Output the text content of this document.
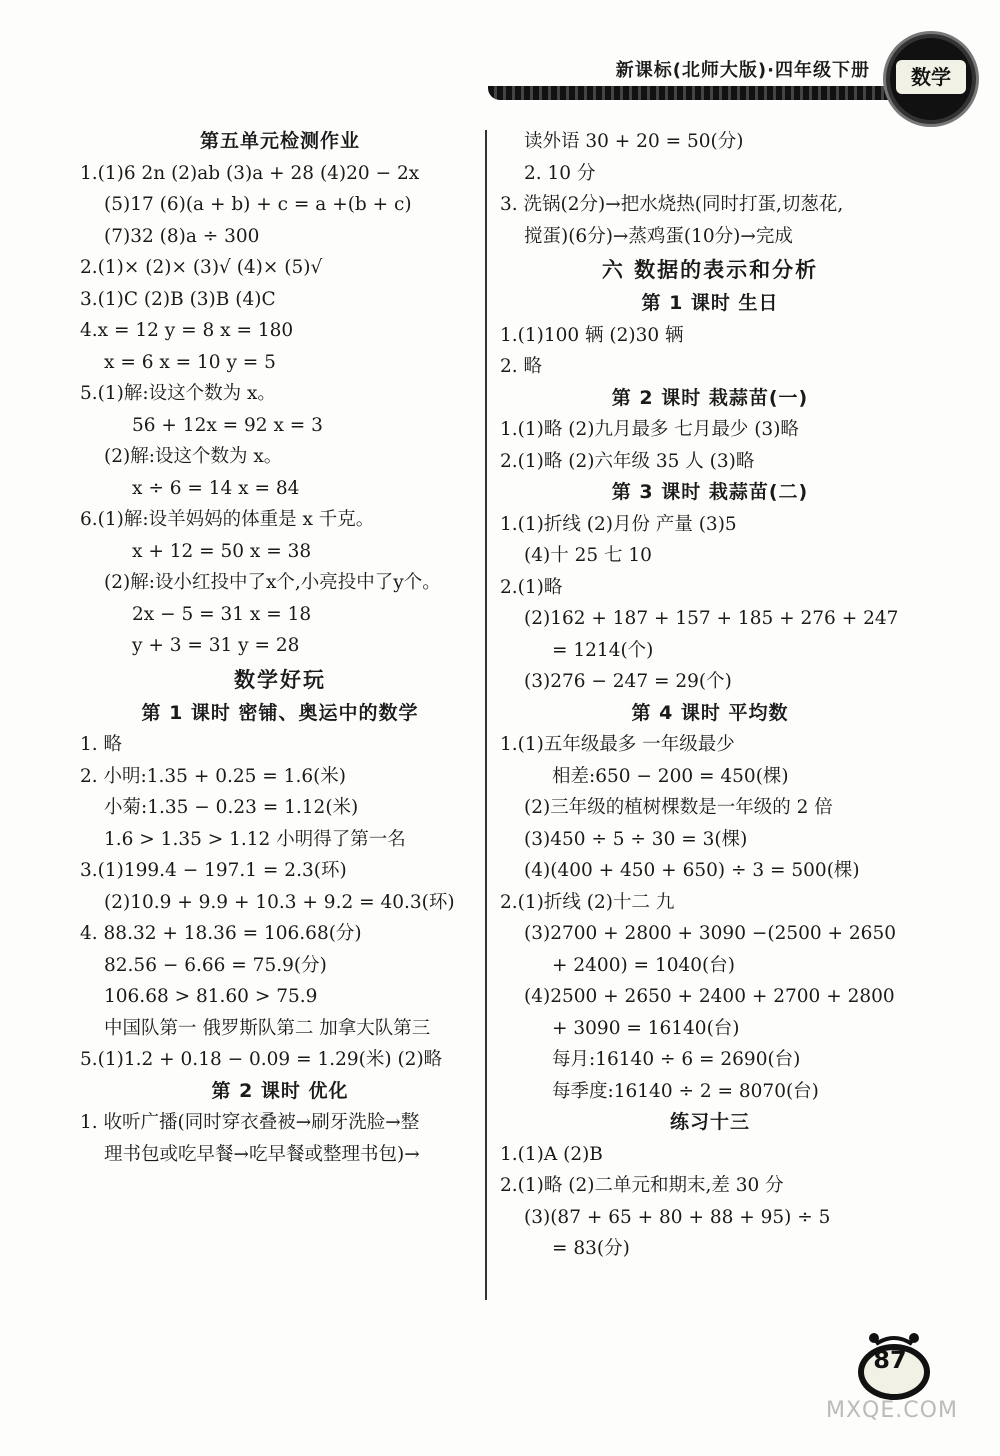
新课标(北师大版)·四年级下册	数学
第五单元检测作业
1.(1)6 2n (2)ab (3)a + 28 (4)20 − 2x
(5)17 (6)(a + b) + c = a +(b + c)
(7)32 (8)a ÷ 300
2.(1)× (2)× (3)√ (4)× (5)√
3.(1)C (2)B (3)B (4)C
4.x = 12 y = 8 x = 180
x = 6 x = 10 y = 5
5.(1)解:设这个数为 x。
56 + 12x = 92 x = 3
(2)解:设这个数为 x。
x ÷ 6 = 14 x = 84
6.(1)解:设羊妈妈的体重是 x 千克。
x + 12 = 50 x = 38
(2)解:设小红投中了x个,小亮投中了y个。
2x − 5 = 31 x = 18
y + 3 = 31 y = 28
数学好玩
第 1 课时 密铺、奥运中的数学
1. 略
2. 小明:1.35 + 0.25 = 1.6(米)
小菊:1.35 − 0.23 = 1.12(米)
1.6 > 1.35 > 1.12 小明得了第一名
3.(1)199.4 − 197.1 = 2.3(环)
(2)10.9 + 9.9 + 10.3 + 9.2 = 40.3(环)
4. 88.32 + 18.36 = 106.68(分)
82.56 − 6.66 = 75.9(分)
106.68 > 81.60 > 75.9
中国队第一 俄罗斯队第二 加拿大队第三
5.(1)1.2 + 0.18 − 0.09 = 1.29(米) (2)略
第 2 课时 优化
1. 收听广播(同时穿衣叠被→刷牙洗脸→整
理书包或吃早餐→吃早餐或整理书包)→
读外语 30 + 20 = 50(分)
2. 10 分
3. 洗锅(2分)→把水烧热(同时打蛋,切葱花,
搅蛋)(6分)→蒸鸡蛋(10分)→完成
六 数据的表示和分析
第 1 课时 生日
1.(1)100 辆 (2)30 辆
2. 略
第 2 课时 栽蒜苗(一)
1.(1)略 (2)九月最多 七月最少 (3)略
2.(1)略 (2)六年级 35 人 (3)略
第 3 课时 栽蒜苗(二)
1.(1)折线 (2)月份 产量 (3)5
(4)十 25 七 10
2.(1)略
(2)162 + 187 + 157 + 185 + 276 + 247
= 1214(个)
(3)276 − 247 = 29(个)
第 4 课时 平均数
1.(1)五年级最多 一年级最少
相差:650 − 200 = 450(棵)
(2)三年级的植树棵数是一年级的 2 倍
(3)450 ÷ 5 ÷ 30 = 3(棵)
(4)(400 + 450 + 650) ÷ 3 = 500(棵)
2.(1)折线 (2)十二 九
(3)2700 + 2800 + 3090 −(2500 + 2650
+ 2400) = 1040(台)
(4)2500 + 2650 + 2400 + 2700 + 2800
+ 3090 = 16140(台)
每月:16140 ÷ 6 = 2690(台)
每季度:16140 ÷ 2 = 8070(台)
练习十三
1.(1)A (2)B
2.(1)略 (2)二单元和期末,差 30 分
(3)(87 + 65 + 80 + 88 + 95) ÷ 5
= 83(分)
87
MXQE.COM
